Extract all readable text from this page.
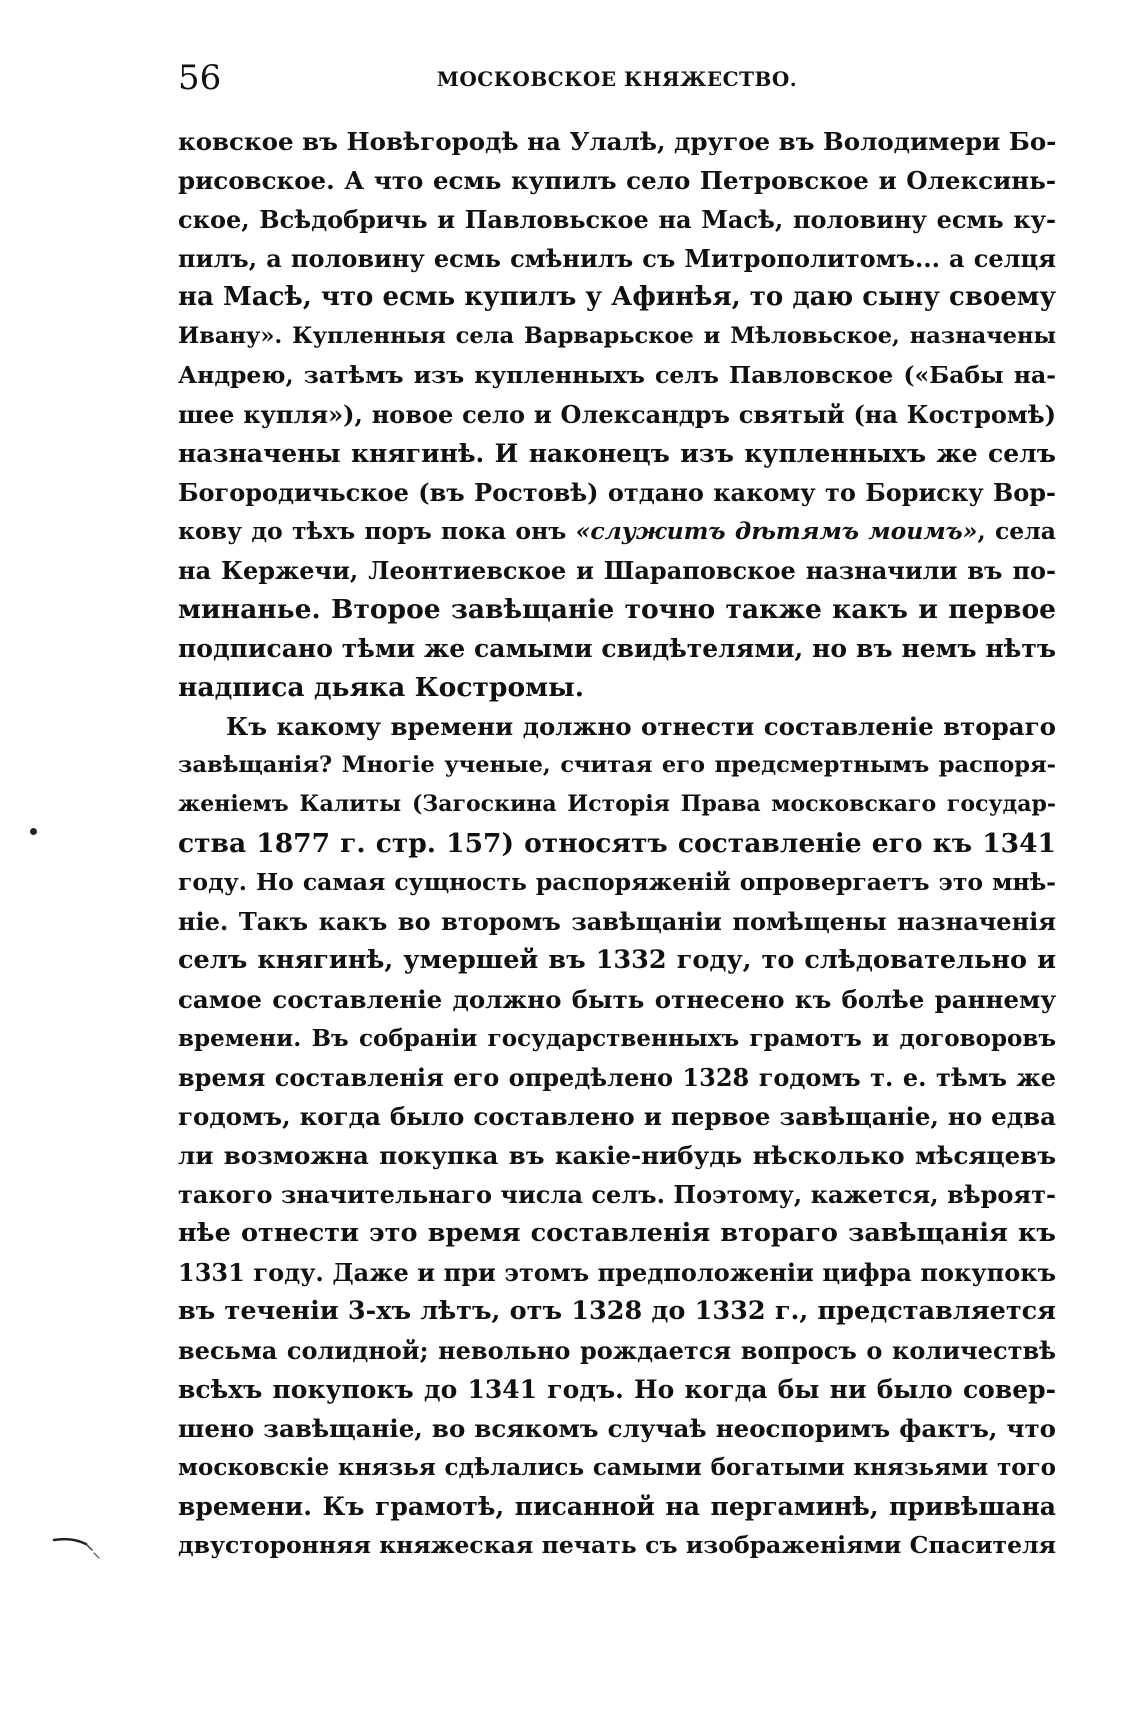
56	МОСКОВСКОЕ КНЯЖЕСТВО.
ковское въ Новѣгородѣ на Улалѣ, другое въ Володимери Бо-
рисовское. А что есмь купилъ село Петровское и Олексинь-
ское, Всѣдобричь и Павловьское на Масѣ, половину есмь ку-
пилъ, а половину есмь смѣнилъ съ Митрополитомъ... а селця
на Масѣ, что есмь купилъ у Афинѣя, то даю сыну своему
Ивану». Купленныя села Варварьское и Мѣловьское, назначены
Андрею, затѣмъ изъ купленныхъ селъ Павловское («Бабы на-
шее купля»), новое село и Олександръ святый (на Костромѣ)
назначены княгинѣ. И наконецъ изъ купленныхъ же селъ
Богородичьское (въ Ростовѣ) отдано какому то Бориску Вор-
кову до тѣхъ поръ пока онъ «служитъ дѣтямъ моимъ», села
на Кержечи, Леонтиевское и Шараповское назначили въ по-
минанье. Второе завѣщаніе точно также какъ и первое
подписано тѣми же самыми свидѣтелями, но въ немъ нѣтъ
надписа дьяка Костромы.
Къ какому времени должно отнести составленіе втораго
завѣщанія? Многіе ученые, считая его предсмертнымъ распоря-
женіемъ Калиты (Загоскина Исторія Права московскаго государ-
ства 1877 г. стр. 157) относятъ составленіе его къ 1341
году. Но самая сущность распоряженій опровергаетъ это мнѣ-
ніе. Такъ какъ во второмъ завѣщаніи помѣщены назначенія
селъ княгинѣ, умершей въ 1332 году, то слѣдовательно и
самое составленіе должно быть отнесено къ болѣе раннему
времени. Въ собраніи государственныхъ грамотъ и договоровъ
время составленія его опредѣлено 1328 годомъ т. е. тѣмъ же
годомъ, когда было составлено и первое завѣщаніе, но едва
ли возможна покупка въ какіе-нибудь нѣсколько мѣсяцевъ
такого значительнаго числа селъ. Поэтому, кажется, вѣроят-
нѣе отнести это время составленія втораго завѣщанія къ
1331 году. Даже и при этомъ предположеніи цифра покупокъ
въ теченіи 3-хъ лѣтъ, отъ 1328 до 1332 г., представляется
весьма солидной; невольно рождается вопросъ о количествѣ
всѣхъ покупокъ до 1341 годъ. Но когда бы ни было совер-
шено завѣщаніе, во всякомъ случаѣ неоспоримъ фактъ, что
московскіе князья сдѣлались самыми богатыми князьями того
времени. Къ грамотѣ, писанной на пергаминѣ, привѣшана
двусторонняя княжеская печать съ изображеніями Спасителя
